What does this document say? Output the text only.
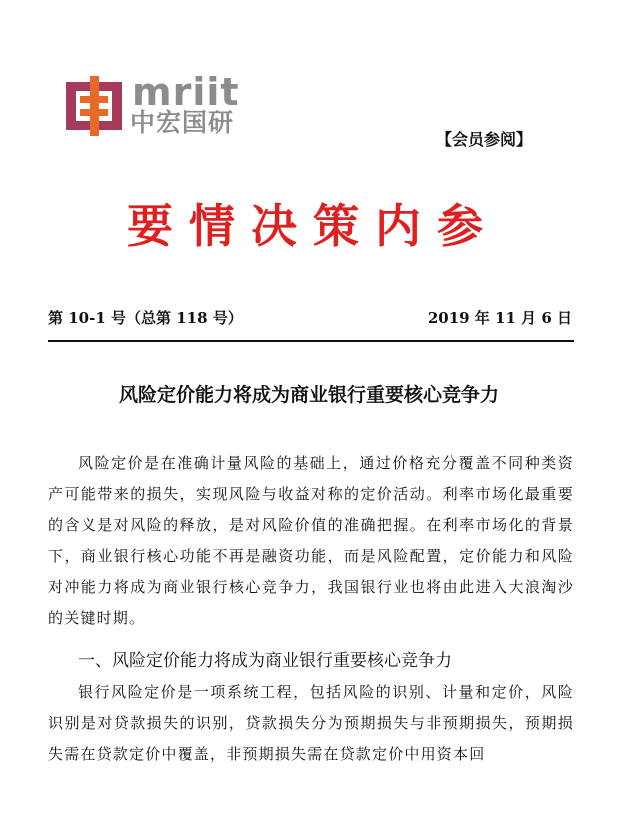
mriit
中宏国研
【会员参阅】
要情决策内参
第 10-1 号（总第 118 号）	2019 年 11 月 6 日
风险定价能力将成为商业银行重要核心竞争力
风险定价是在准确计量风险的基础上，通过价格充分覆盖不同种类资产可能带来的损失，实现风险与收益对称的定价活动。利率市场化最重要的含义是对风险的释放，是对风险价值的准确把握。在利率市场化的背景下，商业银行核心功能不再是融资功能，而是风险配置，定价能力和风险对冲能力将成为商业银行核心竞争力，我国银行业也将由此进入大浪淘沙的关键时期。
一、风险定价能力将成为商业银行重要核心竞争力
银行风险定价是一项系统工程，包括风险的识别、计量和定价，风险识别是对贷款损失的识别，贷款损失分为预期损失与非预期损失，预期损失需在贷款定价中覆盖，非预期损失需在贷款定价中用资本回
